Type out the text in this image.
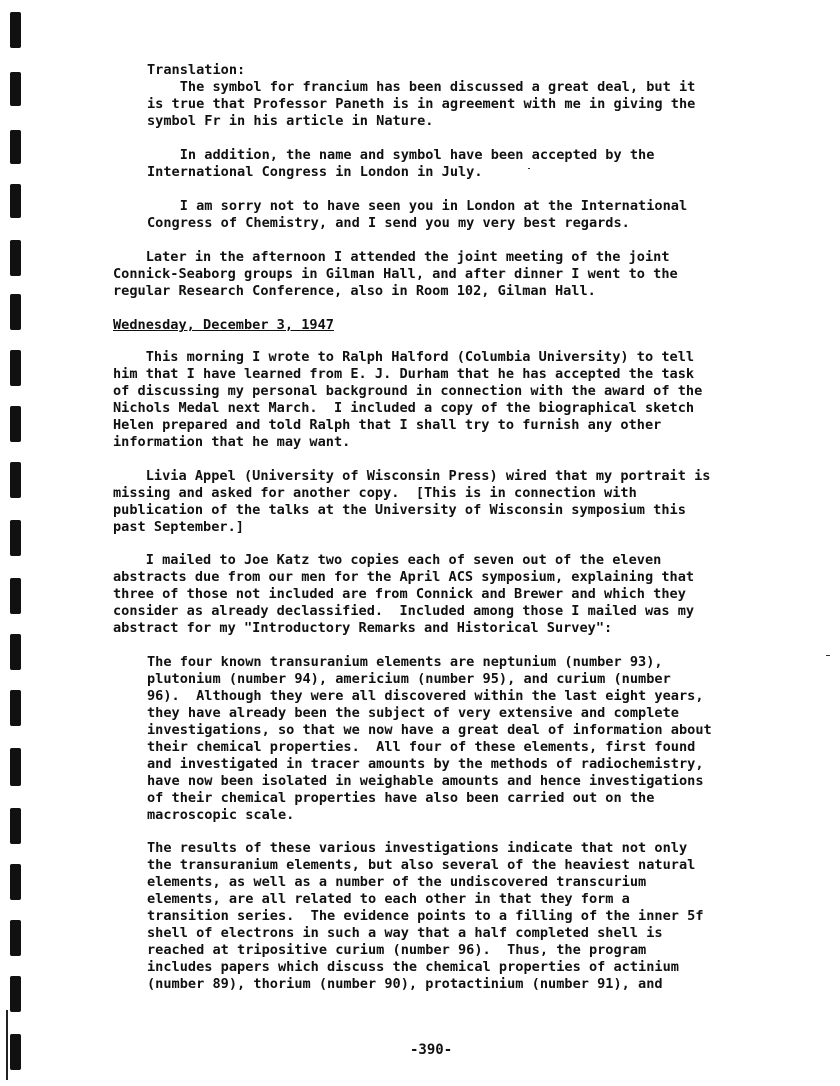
Translation:
The symbol for francium has been discussed a great deal, but it
is true that Professor Paneth is in agreement with me in giving the
symbol Fr in his article in Nature.
In addition, the name and symbol have been accepted by the
International Congress in London in July.
I am sorry not to have seen you in London at the International
Congress of Chemistry, and I send you my very best regards.
Later in the afternoon I attended the joint meeting of the joint
Connick-Seaborg groups in Gilman Hall, and after dinner I went to the
regular Research Conference, also in Room 102, Gilman Hall.
Wednesday, December 3, 1947
This morning I wrote to Ralph Halford (Columbia University) to tell
him that I have learned from E. J. Durham that he has accepted the task
of discussing my personal background in connection with the award of the
Nichols Medal next March.  I included a copy of the biographical sketch
Helen prepared and told Ralph that I shall try to furnish any other
information that he may want.
Livia Appel (University of Wisconsin Press) wired that my portrait is
missing and asked for another copy.  [This is in connection with
publication of the talks at the University of Wisconsin symposium this
past September.]
I mailed to Joe Katz two copies each of seven out of the eleven
abstracts due from our men for the April ACS symposium, explaining that
three of those not included are from Connick and Brewer and which they
consider as already declassified.  Included among those I mailed was my
abstract for my "Introductory Remarks and Historical Survey":
The four known transuranium elements are neptunium (number 93),
plutonium (number 94), americium (number 95), and curium (number
96).  Although they were all discovered within the last eight years,
they have already been the subject of very extensive and complete
investigations, so that we now have a great deal of information about
their chemical properties.  All four of these elements, first found
and investigated in tracer amounts by the methods of radiochemistry,
have now been isolated in weighable amounts and hence investigations
of their chemical properties have also been carried out on the
macroscopic scale.
The results of these various investigations indicate that not only
the transuranium elements, but also several of the heaviest natural
elements, as well as a number of the undiscovered transcurium
elements, are all related to each other in that they form a
transition series.  The evidence points to a filling of the inner 5f
shell of electrons in such a way that a half completed shell is
reached at tripositive curium (number 96).  Thus, the program
includes papers which discuss the chemical properties of actinium
(number 89), thorium (number 90), protactinium (number 91), and
-390-
